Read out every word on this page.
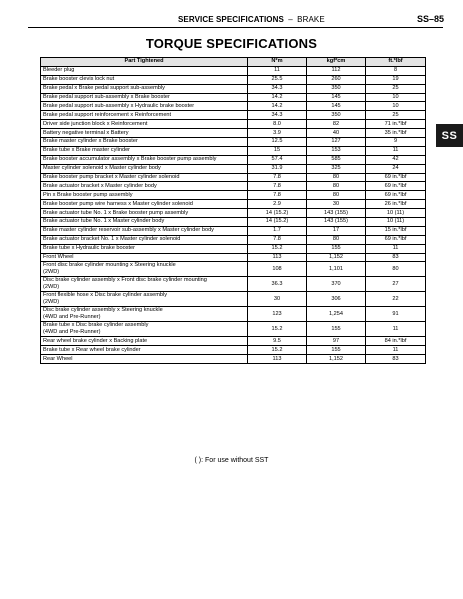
SERVICE SPECIFICATIONS – BRAKE	SS–85
TORQUE SPECIFICATIONS
SS
Part Tightened	N*m	kgf*cm	ft.*lbf
Bleeder plug	11	112	8
Brake booster clevis lock nut	25.5	260	19
Brake pedal x Brake pedal support sub-assembly	34.3	350	25
Brake pedal support sub-assembly x Brake booster	14.2	145	10
Brake pedal support sub-assembly x Hydraulic brake booster	14.2	145	10
Brake pedal support reinforcement x Reinforcement	34.3	350	25
Driver side junction block x Reinforcement	8.0	82	71 in.*lbf
Battery negative terminal x Battery	3.9	40	35 in.*lbf
Brake master cylinder x Brake booster	12.5	127	9
Brake tube x Brake master cylinder	15	153	11
Brake booster accumulator assembly x Brake booster pump assembly	57.4	585	42
Master cylinder solenoid x Master cylinder body	31.9	325	24
Brake booster pump bracket x Master cylinder solenoid	7.8	80	69 in.*lbf
Brake actuator bracket x Master cylinder body	7.8	80	69 in.*lbf
Pin x Brake booster pump assembly	7.8	80	69 in.*lbf
Brake booster pump wire harness x Master cylinder solenoid	2.9	30	26 in.*lbf
Brake actuator tube No. 1 x Brake booster pump assembly	14 (15.2)	143 (155)	10 (11)
Brake actuator tube No. 1 x Master cylinder body	14 (15.2)	143 (155)	10 (11)
Brake master cylinder reservoir sub-assembly x Master cylinder body	1.7	17	15 in.*lbf
Brake actuator bracket No. 1 x Master cylinder solenoid	7.8	80	69 in.*lbf
Brake tube x Hydraulic brake booster	15.2	155	11
Front Wheel	113	1,152	83
Front disc brake cylinder mounting x Steering knuckle
(2WD)	108	1,101	80
Disc brake cylinder assembly x Front disc brake cylinder mounting
(2WD)	36.3	370	27
Front flexible hose x Disc brake cylinder assembly
(2WD)	30	306	22
Disc brake cylinder assembly x Steering knuckle
(4WD and Pre-Runner)	123	1,254	91
Brake tube x Disc brake cylinder assembly
(4WD and Pre-Runner)	15.2	155	11
Rear wheel brake cylinder x Backing plate	9.5	97	84 in.*lbf
Brake tube x Rear wheel brake cylinder	15.2	155	11
Rear Wheel	113	1,152	83
( ): For use without SST
